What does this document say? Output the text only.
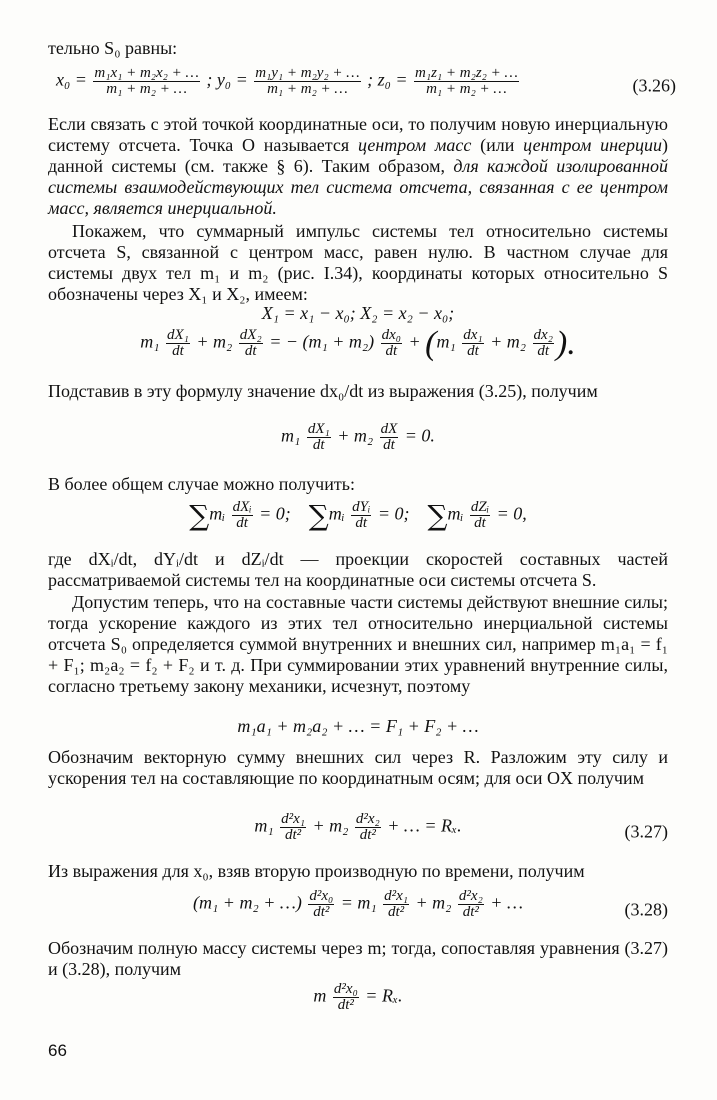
тельно S₀ равны:

$x_0 = \frac{\text{m₁x₁ + m₂x₂ + …}}{\text{m₁ + m₂ + …}}$ ; $y_0 = \frac{\text{m₁y₁ + m₂y₂ + …}}{\text{m₁ + m₂ + …}}$ ; $z_0 = \frac{\text{m₁z₁ + m₂z₂ + …}}{\text{m₁ + m₂ + …}}$	(3.26)

Если связать с этой точкой координатные оси, то получим новую инерциальную систему отсчета. Точка O называется центром масс (или центром инерции) данной системы (см. также § 6). Таким образом, для каждой изолированной системы взаимодействующих тел система отсчета, связанная с ее центром масс, является инерциальной.

Покажем, что суммарный импульс системы тел относительно системы отсчета S, связанной с центром масс, равен нулю. В частном случае для системы двух тел m₁ и m₂ (рис. I.34), координаты которых относительно S обозначены через X₁ и X₂, имеем:

X₁ = x₁ − x₀; X₂ = x₂ − x₀;
$m_1 \frac{\text{dX₁}}{dt} + m_2 \frac{\text{dX₂}}{dt}$ = − $(m_1 + m_2) \frac{\text{dx₀}}{dt} + (m_1 \frac{\text{dx₁}}{dt} + m_2 \frac{\text{dx₂}}{dt}$ ).

Подставив в эту формулу значение dx₀/dt из выражения (3.25), получим

$m_1 \frac{\text{dX₁}}{dt} + m_2 \frac{dX}{dt} = 0$.

В более общем случае можно получить:

∑mᵢ dXᵢ
dt = 0; ∑mᵢ dYᵢ
dt = 0; ∑mᵢ dZᵢ
dt = 0,

где dXᵢ/dt, dYᵢ/dt и dZᵢ/dt — проекции скоростей составных частей рассматриваемой системы тел на координатные оси системы отсчета S.

Допустим теперь, что на составные части системы действуют внешние силы; тогда ускорение каждого из этих тел относительно инерциальной системы отсчета S₀ определяется суммой внутренних и внешних сил, например m₁a₁ = f₁ + F₁; m₂a₂ = f₂ + F₂ и т. д. При суммировании этих уравнений внутренние силы, согласно третьему закону механики, исчезнут, поэтому

m₁a₁ + m₂a₂ + … = F₁ + F₂ + …

Обозначим векторную сумму внешних сил через R. Разложим эту силу и ускорения тел на составляющие по координатным осям; для оси OX получим

$m_1 \frac{\text{d²x₁}}{\text{dt²}} + m_2 \frac{\text{d²x₂}}{\text{dt²}}$ + … = Rₓ.	(3.27)

Из выражения для x₀, взяв вторую производную по времени, получим

(m₁ + m₂ + …) $\frac{\text{d²x₀}}{\text{dt²}} = m_1 \frac{\text{d²x₁}}{\text{dt²}} + m_2 \frac{\text{d²x₂}}{\text{dt²}}$ + …	(3.28)

Обозначим полную массу системы через m; тогда, сопоставляя уравнения (3.27) и (3.28), получим

m $\frac{\text{d²x₀}}{\text{dt²}} = R_x$.
66
